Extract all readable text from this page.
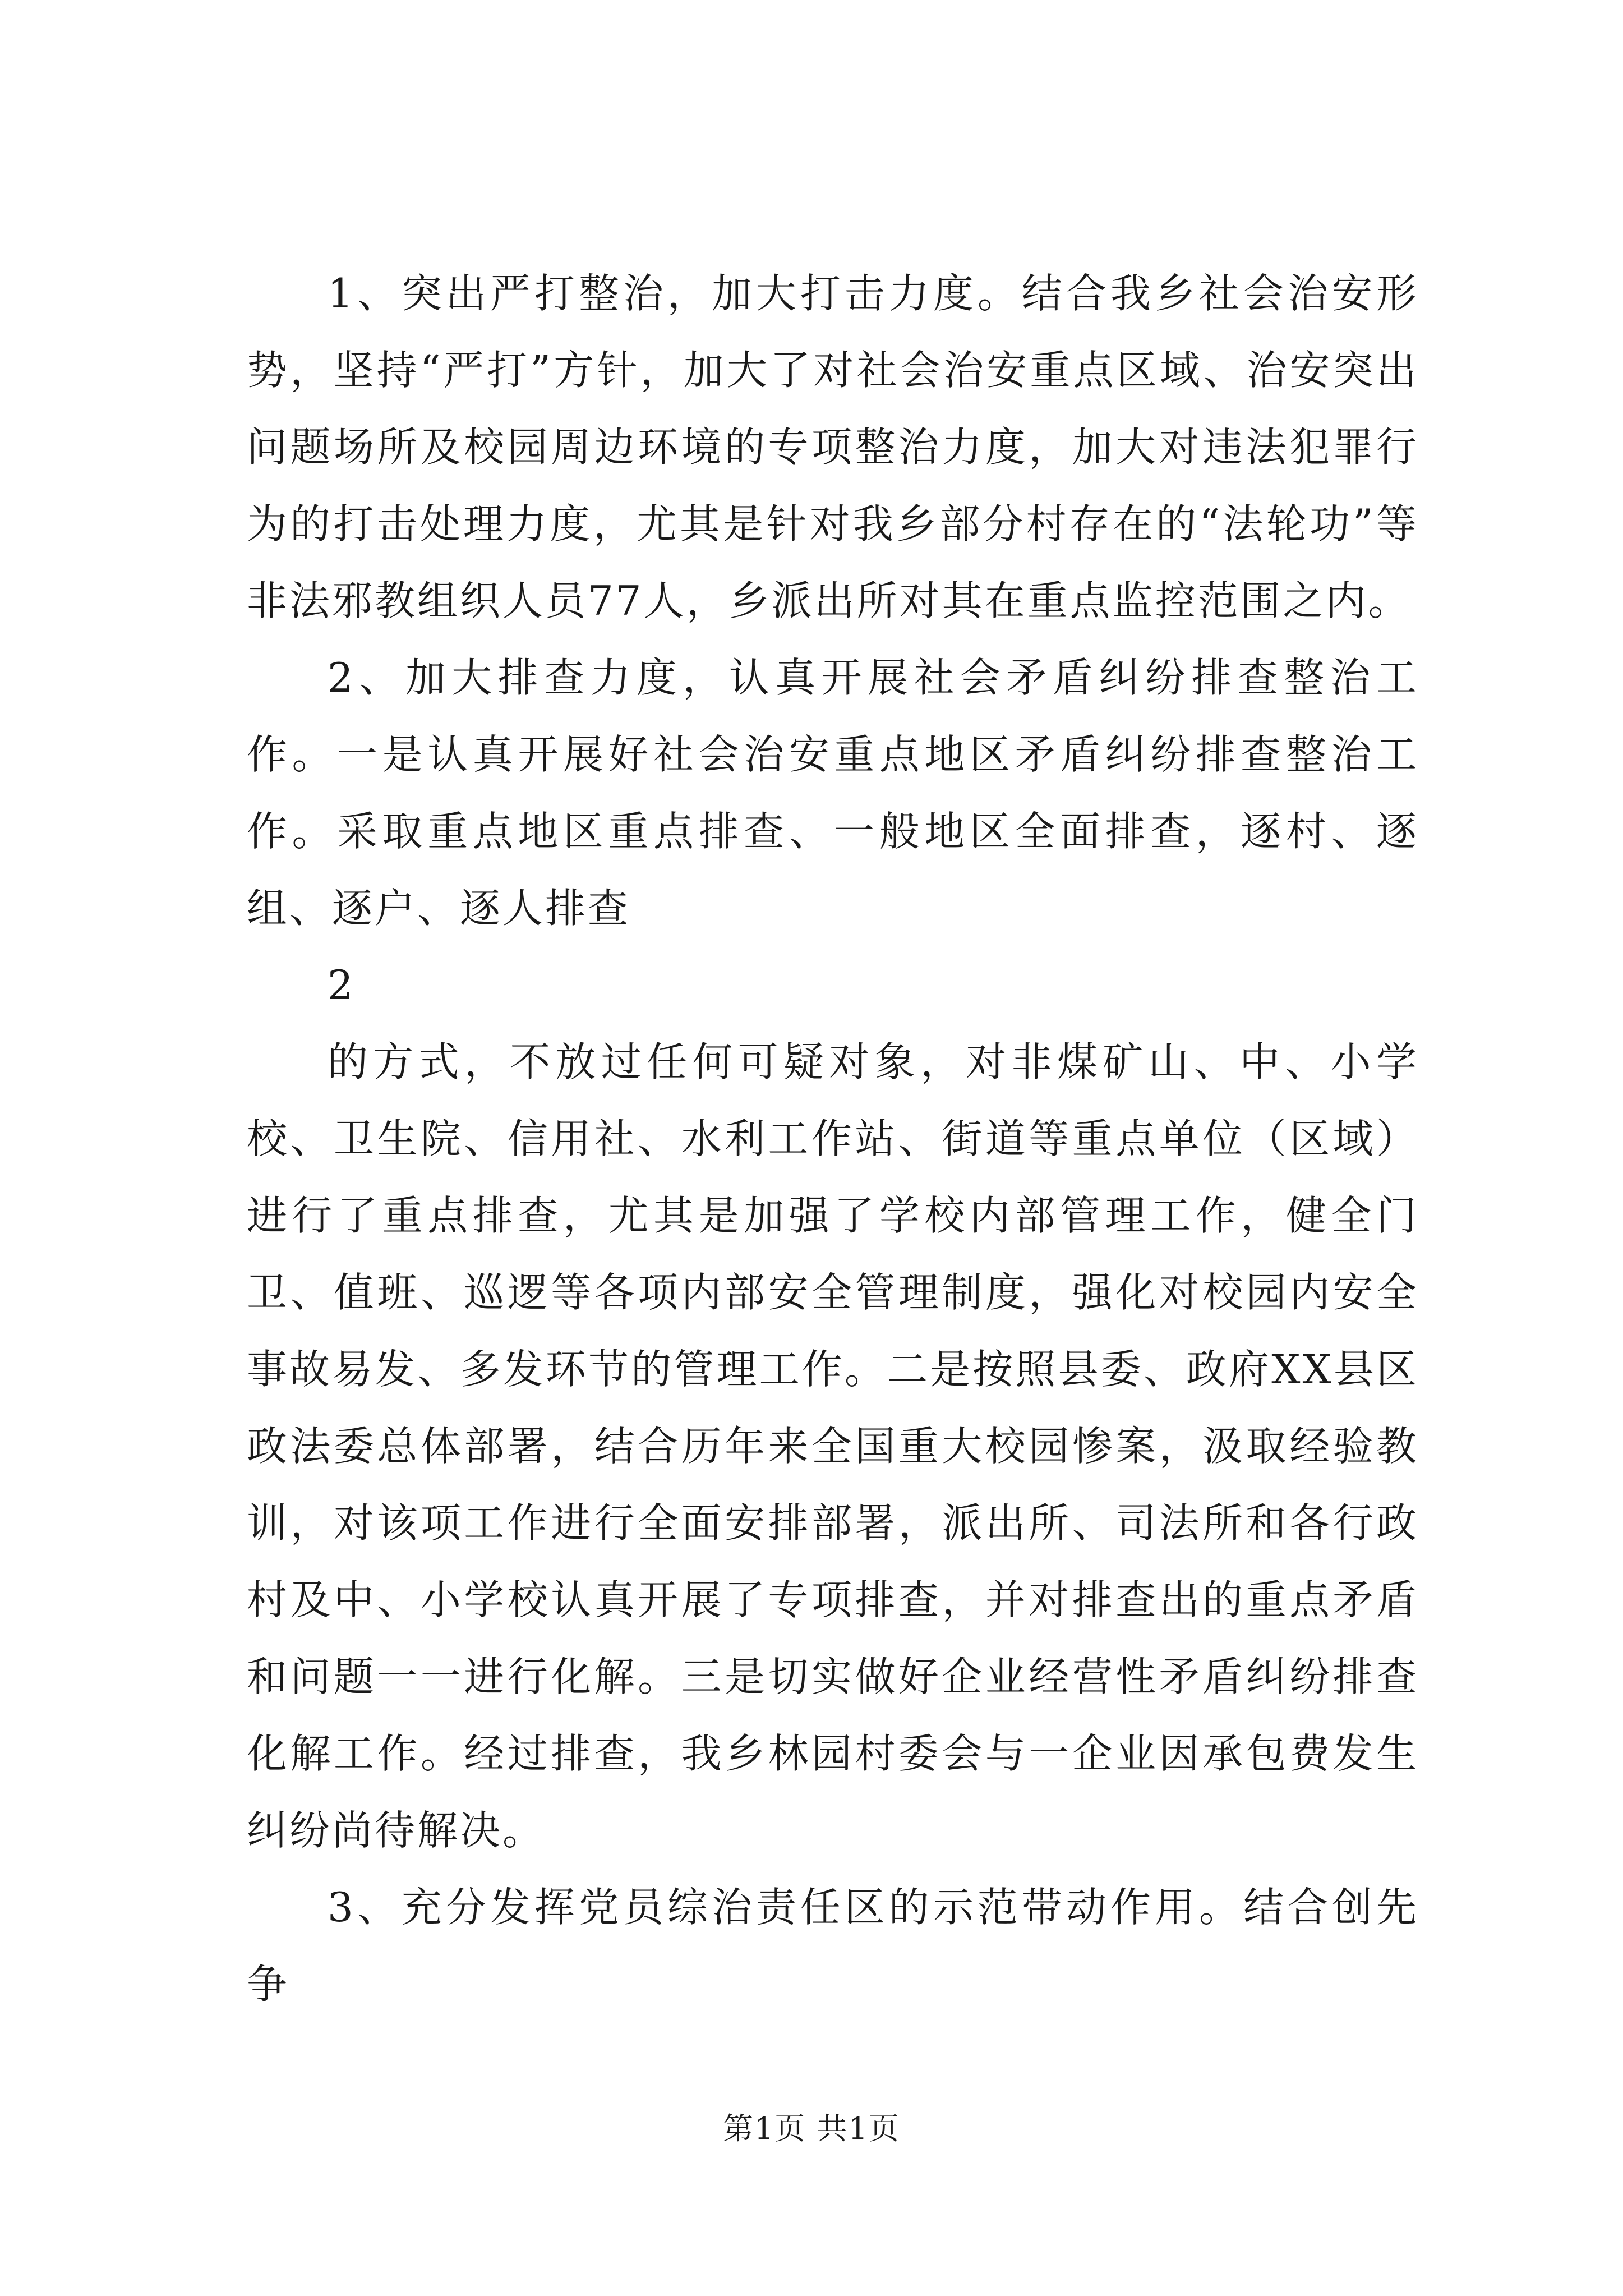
1、突出严打整治，加大打击力度。结合我乡社会治安形势，坚持“严打”方针，加大了对社会治安重点区域、治安突出问题场所及校园周边环境的专项整治力度，加大对违法犯罪行为的打击处理力度，尤其是针对我乡部分村存在的“法轮功”等非法邪教组织人员77人，乡派出所对其在重点监控范围之内。

2、加大排查力度，认真开展社会矛盾纠纷排查整治工作。一是认真开展好社会治安重点地区矛盾纠纷排查整治工作。采取重点地区重点排查、一般地区全面排查，逐村、逐组、逐户、逐人排查

2

的方式，不放过任何可疑对象，对非煤矿山、中、小学校、卫生院、信用社、水利工作站、街道等重点单位（区域）进行了重点排查，尤其是加强了学校内部管理工作，健全门卫、值班、巡逻等各项内部安全管理制度，强化对校园内安全事故易发、多发环节的管理工作。二是按照县委、政府XX县区政法委总体部署，结合历年来全国重大校园惨案，汲取经验教训，对该项工作进行全面安排部署，派出所、司法所和各行政村及中、小学校认真开展了专项排查，并对排查出的重点矛盾和问题一一进行化解。三是切实做好企业经营性矛盾纠纷排查化解工作。经过排查，我乡林园村委会与一企业因承包费发生纠纷尚待解决。

3、充分发挥党员综治责任区的示范带动作用。结合创先争

第1页 共1页
